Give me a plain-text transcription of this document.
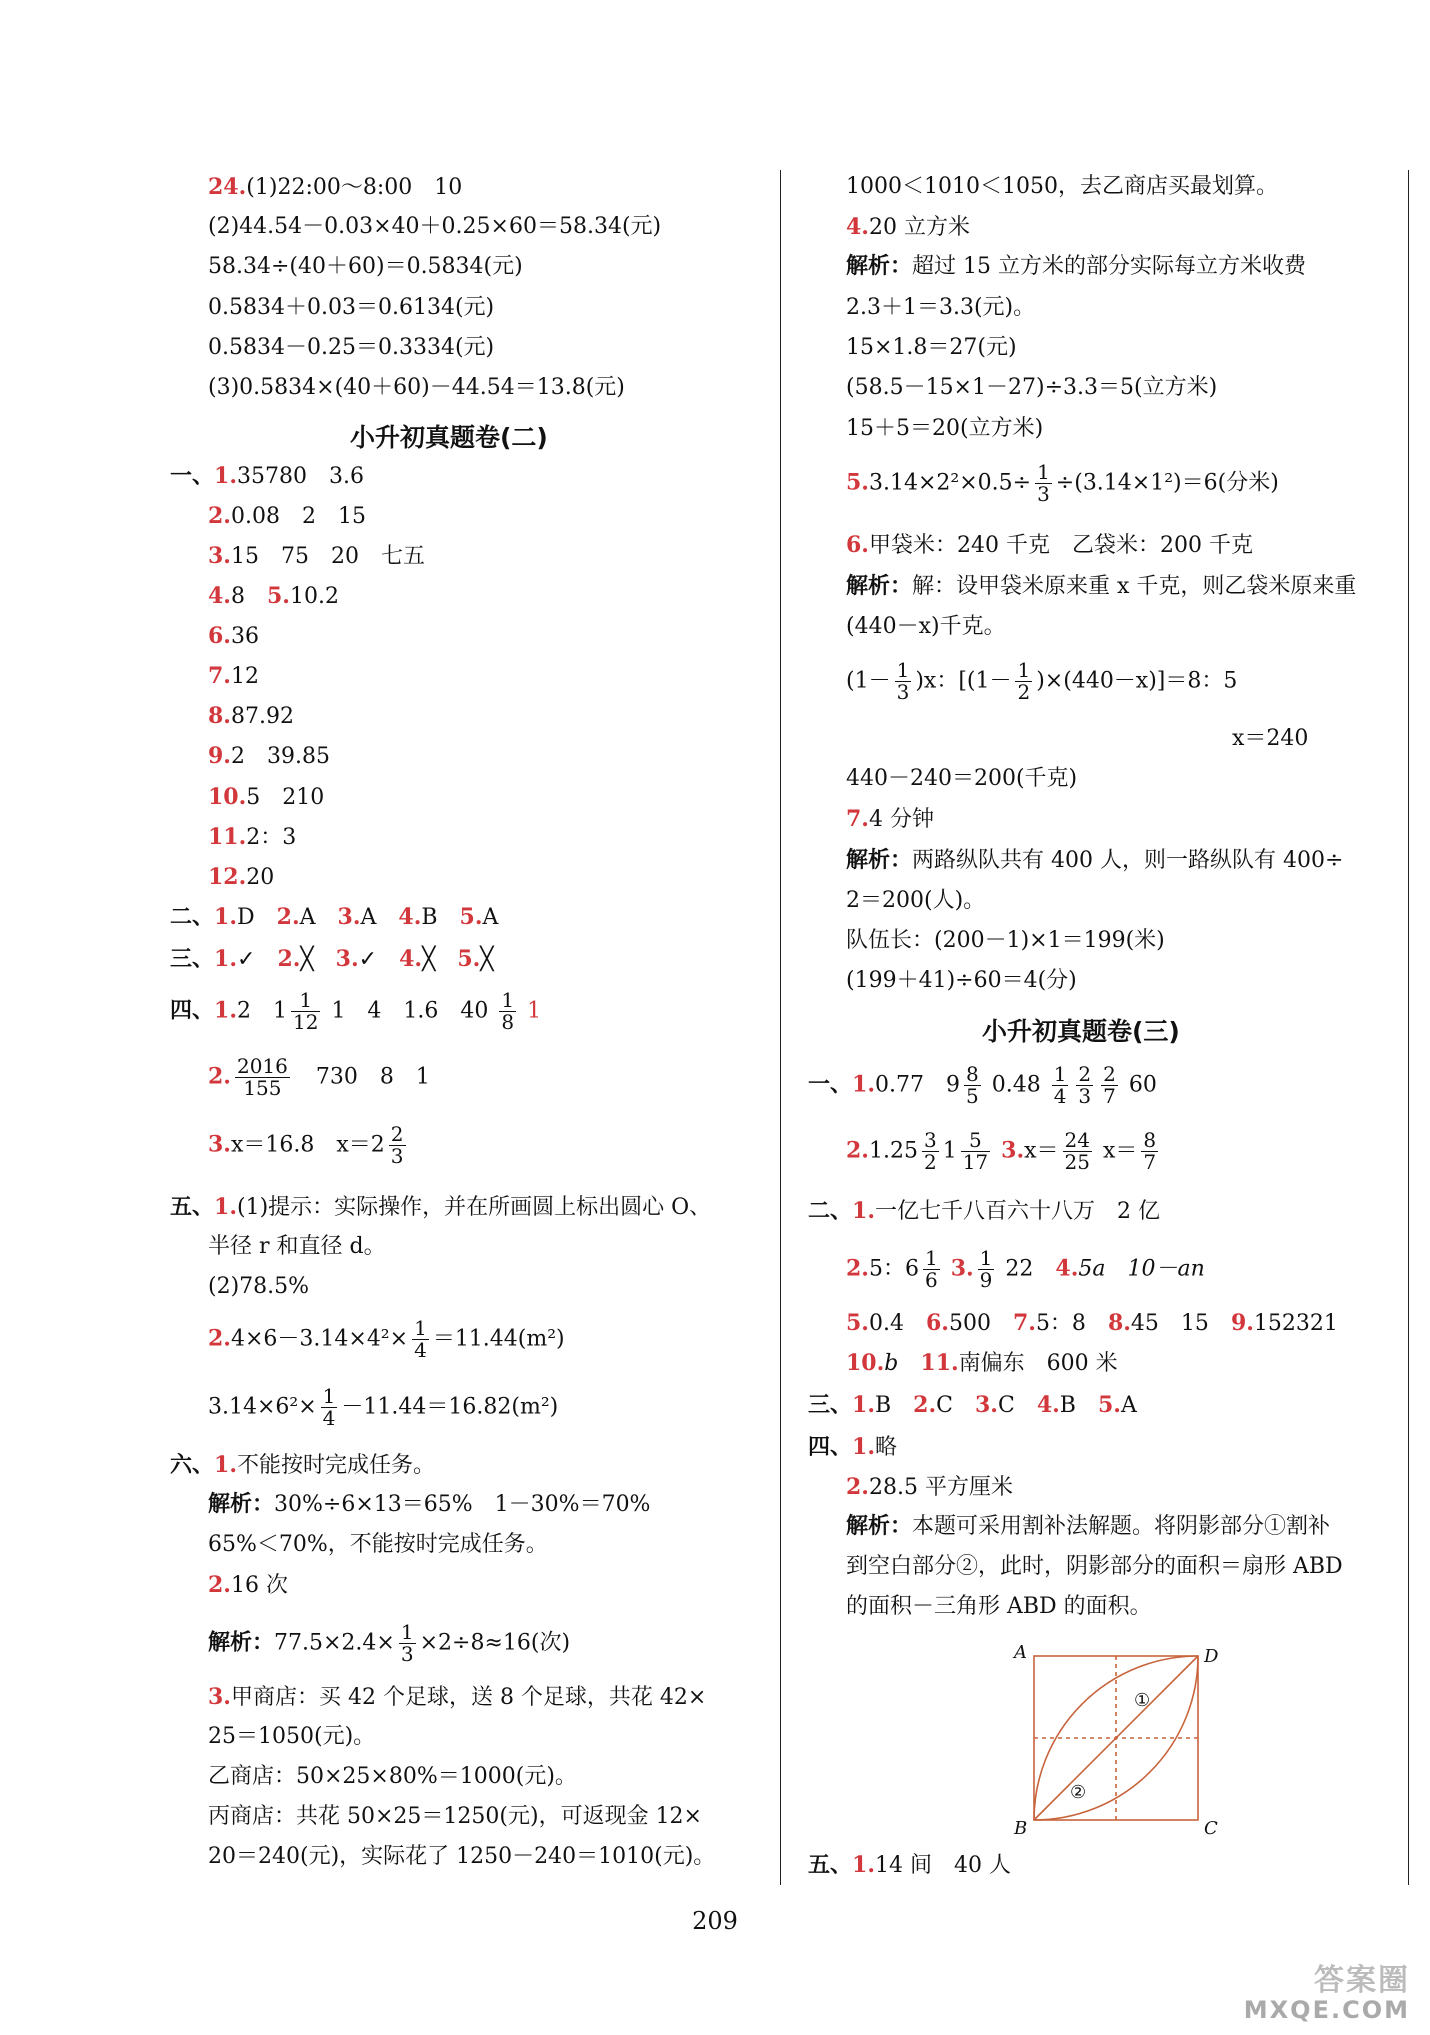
24.(1)22:00～8:00　10
(2)44.54－0.03×40＋0.25×60＝58.34(元)
58.34÷(40＋60)＝0.5834(元)
0.5834＋0.03＝0.6134(元)
0.5834－0.25＝0.3334(元)
(3)0.5834×(40＋60)－44.54＝13.8(元)
小升初真题卷(二)
一、1.35780　3.6
2.0.08　2　15
3.15　75　20　七五
4.8　 5.10.2
6.36
7.12
8.87.92
9.2　39.85
10.5　210
11.2：3
12.20
二、1.D　 2.A　 3.A　 4.B　 5.A
三、1.✓　 2.╳　 3.✓　 4.╳　 5.╳
四、1.2　$1 \frac{1}{12} 1$　4　1.6　$40 \frac{1}{8} 1$
2. $\frac{2016}{155}$
　 730　8　1
3.x＝16.8　$x=2 \frac{2}{3}$
五、1.(1)提示：实际操作，并在所画圆上标出圆心 O、
半径 r 和直径 d。
(2)78.5%
$2.4\times 6-3.14\times 4^2\times \frac{1}{4} =11.44(m^2)$
$3.14\times 6^2\times \frac{1}{4} -11.44=16.82(m^2)$
六、1.不能按时完成任务。
解析：30%÷6×13＝65%　1－30%＝70%
65%＜70%，不能按时完成任务。
2.16 次
解析：$77.5\times 2.4\times \frac{1}{3} \times 2\div 8\approx 16$(次)
3.甲商店：买 42 个足球，送 8 个足球，共花 42×
25＝1050(元)。
乙商店：50×25×80%＝1000(元)。
丙商店：共花 50×25＝1250(元)，可返现金 12×
20＝240(元)，实际花了 1250－240＝1010(元)。
1000＜1010＜1050，去乙商店买最划算。
4.20 立方米
解析：超过 15 立方米的部分实际每立方米收费
2.3＋1＝3.3(元)。
15×1.8＝27(元)
(58.5－15×1－27)÷3.3＝5(立方米)
15＋5＝20(立方米)
$5.3.14\times 2^2\times 0.5\div \frac{1}{3} \div(3.14\times 1^2)=6$(分米)
6.甲袋米：240 千克　乙袋米：200 千克
解析：解：设甲袋米原来重 x 千克，则乙袋米原来重
(440－x)千克。
$(1- \frac{1}{3} )x$：$[(1- \frac{1}{2} )\times(440-x)]=8$：5
x＝240
440－240＝200(千克)
7.4 分钟
解析：两路纵队共有 400 人，则一路纵队有 400÷
2＝200(人)。
队伍长：(200－1)×1＝199(米)
(199＋41)÷60＝4(分)
小升初真题卷(三)
一、1.0.77　$9 \frac{8}{5} 0.48 \frac{1}{4} \frac{2}{3} \frac{2}{7} 60$
$2.1.25 \frac{3}{2} 1 \frac{5}{17} 3.x= \frac{24}{25} x= \frac{8}{7}$
二、1.一亿七千八百六十八万　2 亿
2.5：$6 \frac{1}{6} 3$. $\frac{1}{9} 22$　 4.5a　 10－an
5.0.4　 6.500　 7.5：8　 8.45　15　 9.152321
10.b　 11.南偏东　600 米
三、1.B　 2.C　 3.C　 4.B　 5.A
四、1.略
2.28.5 平方厘米
解析：本题可采用割补法解题。将阴影部分①割补
到空白部分②，此时，阴影部分的面积＝扇形 ABD
的面积－三角形 ABD 的面积。
A	D
B	C
①
②
五、1.14 间　40 人
209
答案圈
MXQE.COM
